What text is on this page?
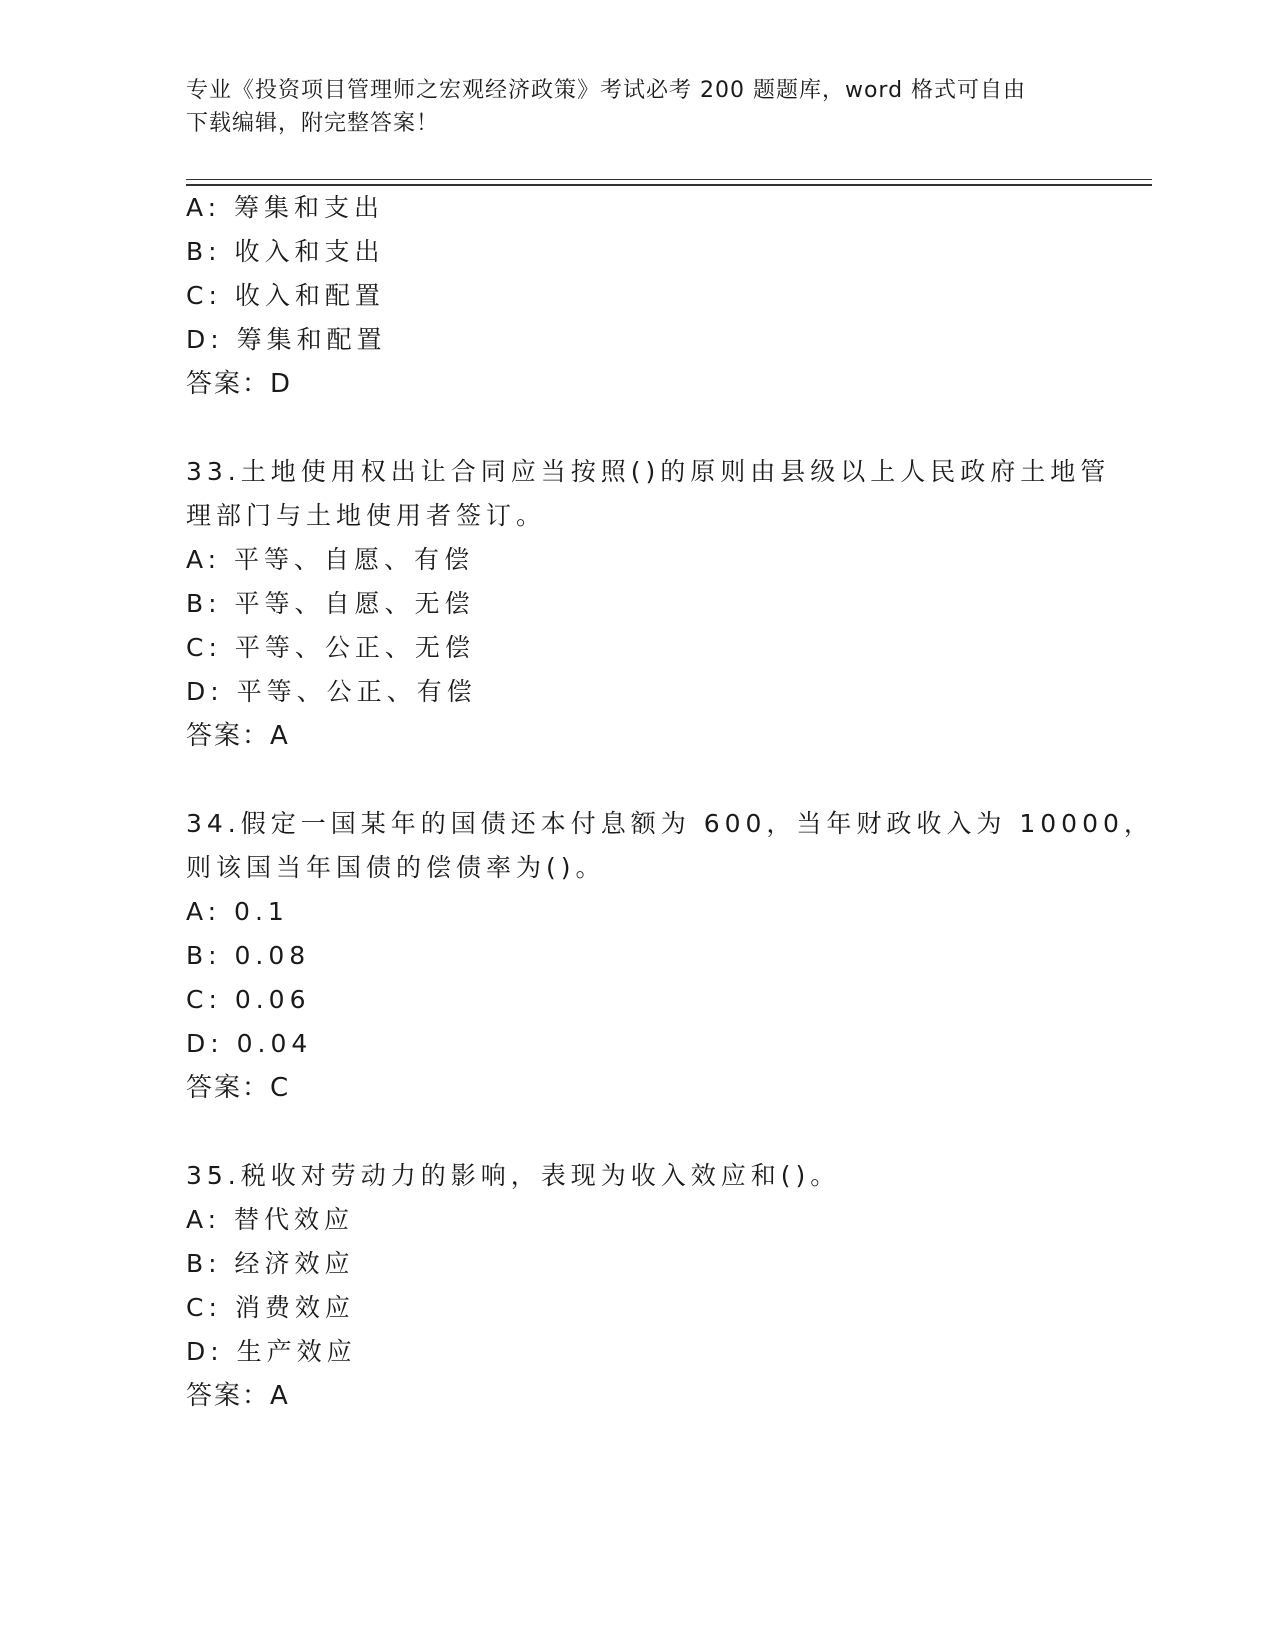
专业《投资项目管理师之宏观经济政策》考试必考 200 题题库，word 格式可自由
下载编辑，附完整答案！
A: 筹集和支出
B: 收入和支出
C: 收入和配置
D: 筹集和配置
答案：D
33.土地使用权出让合同应当按照()的原则由县级以上人民政府土地管
理部门与土地使用者签订。
A: 平等、自愿、有偿
B: 平等、自愿、无偿
C: 平等、公正、无偿
D: 平等、公正、有偿
答案：A
34.假定一国某年的国债还本付息额为 600，当年财政收入为 10000，
则该国当年国债的偿债率为()。
A: 0.1
B: 0.08
C: 0.06
D: 0.04
答案：C
35.税收对劳动力的影响，表现为收入效应和()。
A: 替代效应
B: 经济效应
C: 消费效应
D: 生产效应
答案：A
